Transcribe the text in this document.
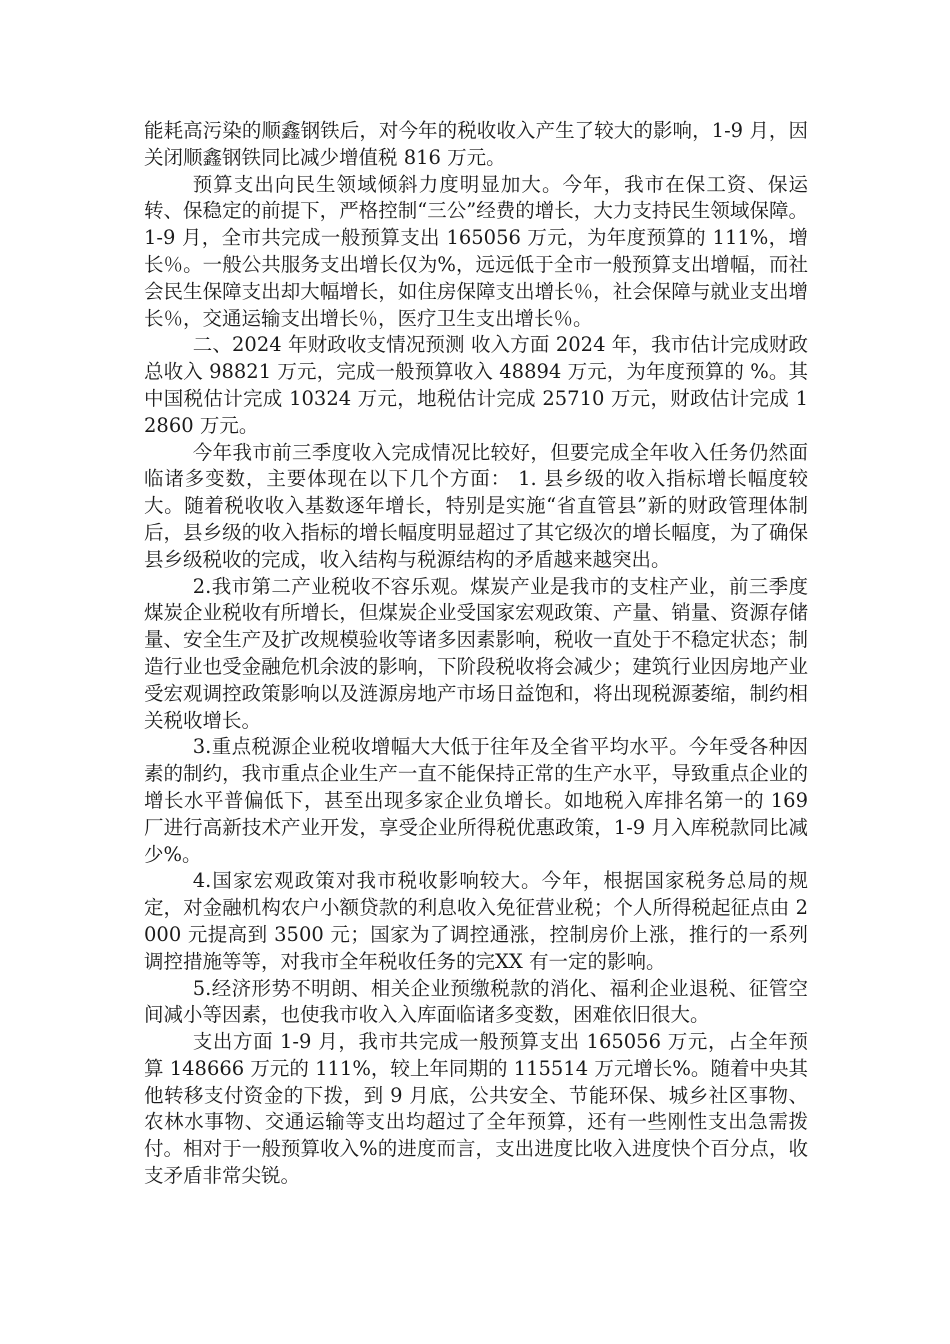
能耗高污染的顺鑫钢铁后，对今年的税收收入产生了较大的影响，1-9 月，因关闭顺鑫钢铁同比减少增值税 816 万元。

预算支出向民生领域倾斜力度明显加大。今年，我市在保工资、保运转、保稳定的前提下，严格控制“三公”经费的增长，大力支持民生领域保障。1-9 月，全市共完成一般预算支出 165056 万元，为年度预算的 111%，增长％。一般公共服务支出增长仅为%，远远低于全市一般预算支出增幅，而社会民生保障支出却大幅增长，如住房保障支出增长％，社会保障与就业支出增长％，交通运输支出增长％，医疗卫生支出增长％。

二、2024 年财政收支情况预测 收入方面 2024 年，我市估计完成财政总收入 98821 万元，完成一般预算收入 48894 万元，为年度预算的 %。其中国税估计完成 10324 万元，地税估计完成 25710 万元，财政估计完成 12860 万元。

今年我市前三季度收入完成情况比较好，但要完成全年收入任务仍然面临诸多变数，主要体现在以下几个方面： 1. 县乡级的收入指标增长幅度较大。随着税收收入基数逐年增长，特别是实施“省直管县”新的财政管理体制后，县乡级的收入指标的增长幅度明显超过了其它级次的增长幅度，为了确保县乡级税收的完成，收入结构与税源结构的矛盾越来越突出。

2.我市第二产业税收不容乐观。煤炭产业是我市的支柱产业，前三季度煤炭企业税收有所增长，但煤炭企业受国家宏观政策、产量、销量、资源存储量、安全生产及扩改规模验收等诸多因素影响，税收一直处于不稳定状态；制造行业也受金融危机余波的影响，下阶段税收将会减少；建筑行业因房地产业受宏观调控政策影响以及涟源房地产市场日益饱和，将出现税源萎缩，制约相关税收增长。

3.重点税源企业税收增幅大大低于往年及全省平均水平。今年受各种因素的制约，我市重点企业生产一直不能保持正常的生产水平，导致重点企业的增长水平普偏低下，甚至出现多家企业负增长。如地税入库排名第一的 169 厂进行高新技术产业开发，享受企业所得税优惠政策，1-9 月入库税款同比减少%。

4.国家宏观政策对我市税收影响较大。今年，根据国家税务总局的规定，对金融机构农户小额贷款的利息收入免征营业税；个人所得税起征点由 2000 元提高到 3500 元；国家为了调控通涨，控制房价上涨，推行的一系列调控措施等等，对我市全年税收任务的完XX 有一定的影响。

5.经济形势不明朗、相关企业预缴税款的消化、福利企业退税、征管空间减小等因素，也使我市收入入库面临诸多变数，困难依旧很大。

支出方面 1-9 月，我市共完成一般预算支出 165056 万元，占全年预算 148666 万元的 111%，较上年同期的 115514 万元增长%。随着中央其他转移支付资金的下拨，到 9 月底，公共安全、节能环保、城乡社区事物、农林水事物、交通运输等支出均超过了全年预算，还有一些刚性支出急需拨付。相对于一般预算收入%的进度而言，支出进度比收入进度快个百分点，收支矛盾非常尖锐。
